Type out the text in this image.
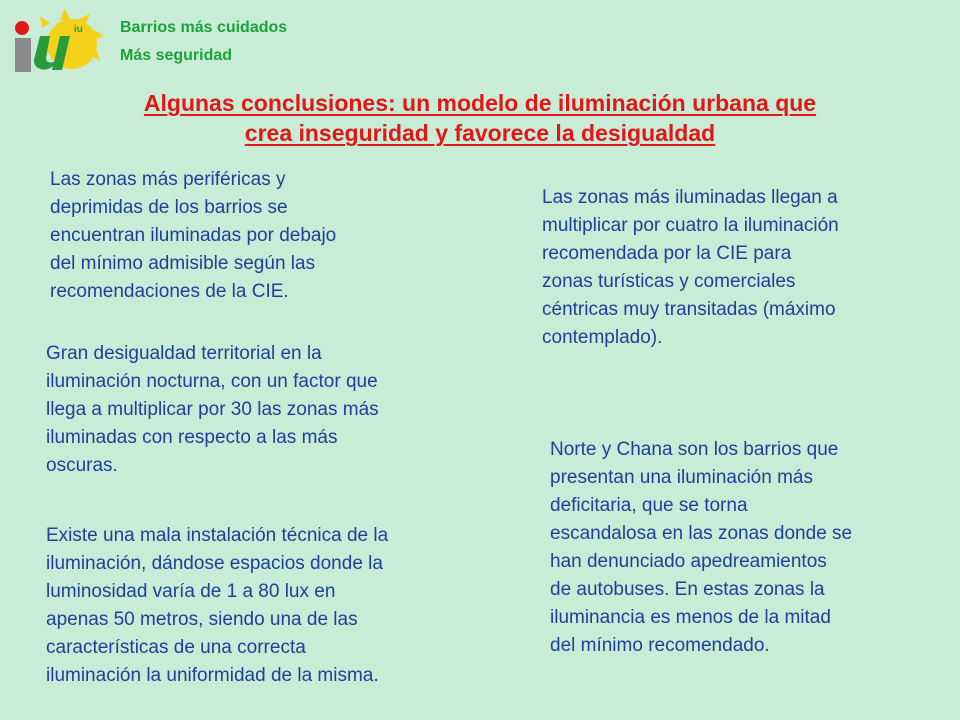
iu Barrios más cuidados
Más seguridad
Algunas conclusiones: un modelo de iluminación urbana que
crea inseguridad y favorece la desigualdad

Las zonas más periféricas y
deprimidas de los barrios se
encuentran iluminadas por debajo
del mínimo admisible según las
recomendaciones de la CIE.

Las zonas más iluminadas llegan a
multiplicar por cuatro la iluminación
recomendada por la CIE para
zonas turísticas y comerciales
céntricas muy transitadas (máximo
contemplado).

Gran desigualdad territorial en la
iluminación nocturna, con un factor que
llega a multiplicar por 30 las zonas más
iluminadas con respecto a las más
oscuras.

Norte y Chana son los barrios que
presentan una iluminación más
deficitaria, que se torna
escandalosa en las zonas donde se
han denunciado apedreamientos
de autobuses. En estas zonas la
iluminancia es menos de la mitad
del mínimo recomendado.

Existe una mala instalación técnica de la
iluminación, dándose espacios donde la
luminosidad varía de 1 a 80 lux en
apenas 50 metros, siendo una de las
características de una correcta
iluminación la uniformidad de la misma.
